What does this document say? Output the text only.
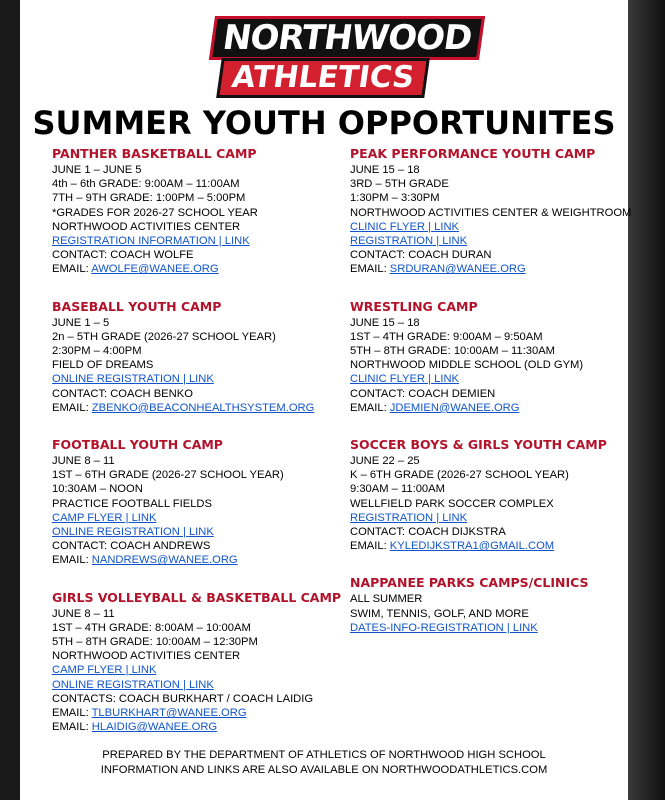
NORTHWOOD
ATHLETICS
SUMMER YOUTH OPPORTUNITES
PANTHER BASKETBALL CAMP
JUNE 1 – JUNE 5
4th – 6th GRADE: 9:00AM – 11:00AM
7TH – 9TH GRADE: 1:00PM – 5:00PM
*GRADES FOR 2026-27 SCHOOL YEAR
NORTHWOOD ACTIVITIES CENTER
REGISTRATION INFORMATION | LINK
CONTACT: COACH WOLFE
EMAIL: AWOLFE@WANEE.ORG
BASEBALL YOUTH CAMP
JUNE 1 – 5
2n – 5TH GRADE (2026-27 SCHOOL YEAR)
2:30PM – 4:00PM
FIELD OF DREAMS
ONLINE REGISTRATION | LINK
CONTACT: COACH BENKO
EMAIL: ZBENKO@BEACONHEALTHSYSTEM.ORG
FOOTBALL YOUTH CAMP
JUNE 8 – 11
1ST – 6TH GRADE (2026-27 SCHOOL YEAR)
10:30AM – NOON
PRACTICE FOOTBALL FIELDS
CAMP FLYER | LINK
ONLINE REGISTRATION | LINK
CONTACT: COACH ANDREWS
EMAIL: NANDREWS@WANEE.ORG
GIRLS VOLLEYBALL & BASKETBALL CAMP
JUNE 8 – 11
1ST – 4TH GRADE: 8:00AM – 10:00AM
5TH – 8TH GRADE: 10:00AM – 12:30PM
NORTHWOOD ACTIVITIES CENTER
CAMP FLYER | LINK
ONLINE REGISTRATION | LINK
CONTACTS: COACH BURKHART / COACH LAIDIG
EMAIL: TLBURKHART@WANEE.ORG
EMAIL: HLAIDIG@WANEE.ORG
PEAK PERFORMANCE YOUTH CAMP
JUNE 15 – 18
3RD – 5TH GRADE
1:30PM – 3:30PM
NORTHWOOD ACTIVITIES CENTER & WEIGHTROOM
CLINIC FLYER | LINK
REGISTRATION | LINK
CONTACT: COACH DURAN
EMAIL: SRDURAN@WANEE.ORG
WRESTLING CAMP
JUNE 15 – 18
1ST – 4TH GRADE: 9:00AM – 9:50AM
5TH – 8TH GRADE: 10:00AM – 11:30AM
NORTHWOOD MIDDLE SCHOOL (OLD GYM)
CLINIC FLYER | LINK
CONTACT: COACH DEMIEN
EMAIL: JDEMIEN@WANEE.ORG
SOCCER BOYS & GIRLS YOUTH CAMP
JUNE 22 – 25
K – 6TH GRADE (2026-27 SCHOOL YEAR)
9:30AM – 11:00AM
WELLFIELD PARK SOCCER COMPLEX
REGISTRATION | LINK
CONTACT: COACH DIJKSTRA
EMAIL: KYLEDIJKSTRA1@GMAIL.COM
NAPPANEE PARKS CAMPS/CLINICS
ALL SUMMER
SWIM, TENNIS, GOLF, AND MORE
DATES-INFO-REGISTRATION | LINK
PREPARED BY THE DEPARTMENT OF ATHLETICS OF NORTHWOOD HIGH SCHOOL
INFORMATION AND LINKS ARE ALSO AVAILABLE ON NORTHWOODATHLETICS.COM
